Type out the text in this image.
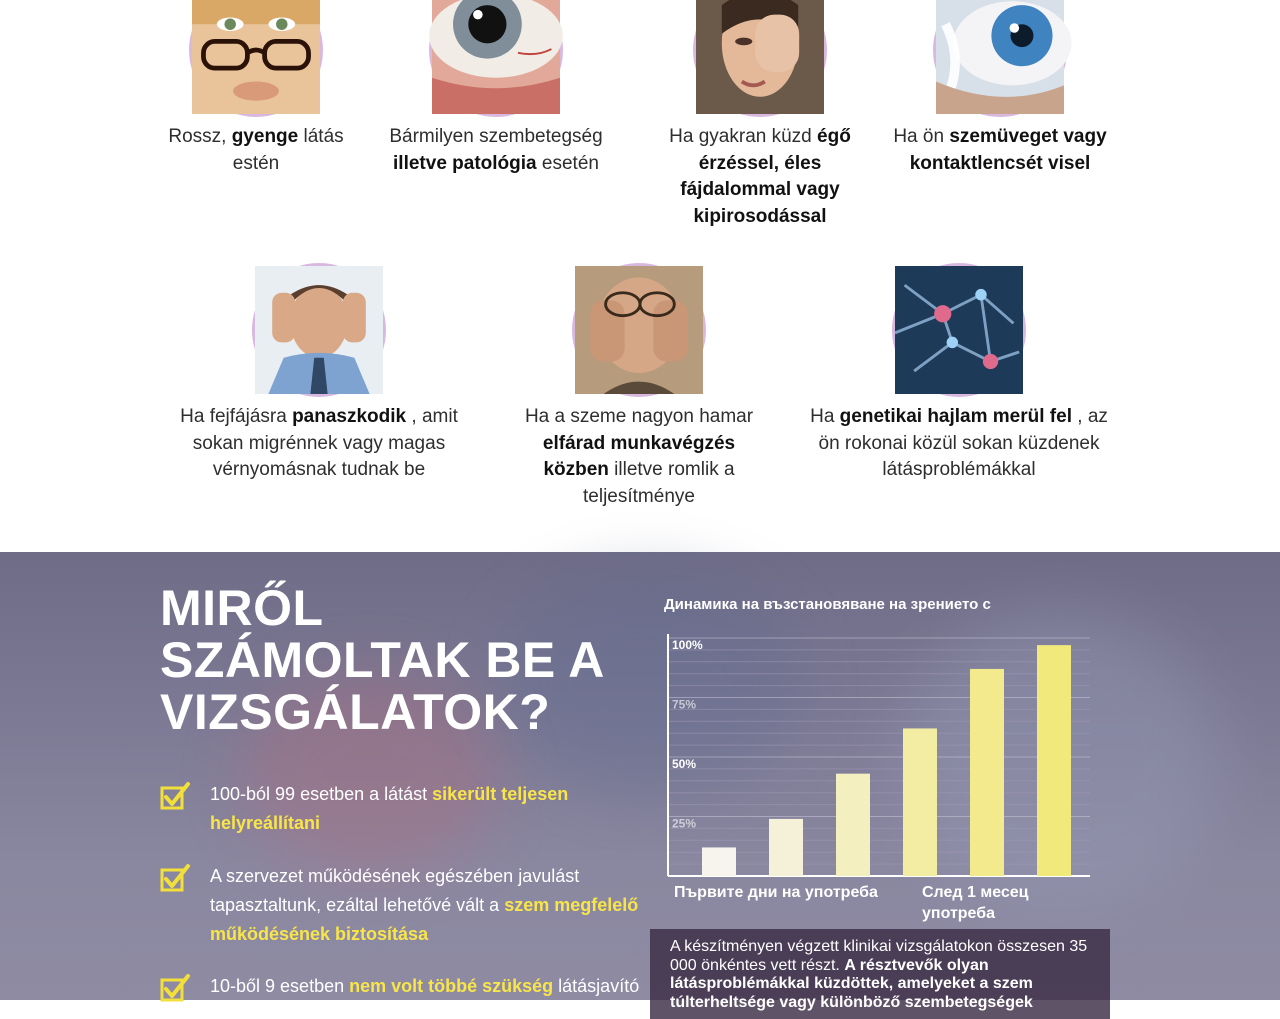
Rossz, gyenge látás estén
Bármilyen szembetegség illetve patológia esetén
Ha gyakran küzd égő érzéssel, éles fájdalommal vagy kipirosodással
Ha ön szemüveget vagy kontaktlencsét visel
Ha fejfájásra panaszkodik , amit sokan migrénnek vagy magas vérnyomásnak tudnak be
Ha a szeme nagyon hamar elfárad munkavégzés közben illetve romlik a teljesítménye
Ha genetikai hajlam merül fel , az ön rokonai közül sokan küzdenek látásproblémákkal
MIRŐL SZÁMOLTAK BE A VIZSGÁLATOK?
100-ból 99 esetben a látást sikerült teljesen helyreállítani
A szervezet működésének egészében javulást tapasztaltunk, ezáltal lehetővé vált a szem megfelelő működésének biztosítása
10-ből 9 esetben nem volt többé szükség látásjavító
Динамика на възстановяване на зрението с
100%
75%
50%
25%
Първите дни на употреба	След 1 месец употреба
A készítményen végzett klinikai vizsgálatokon összesen 35 000 önkéntes vett részt. A résztvevők olyan látásproblémákkal küzdöttek, amelyeket a szem túlterheltsége vagy különböző szembetegségek
